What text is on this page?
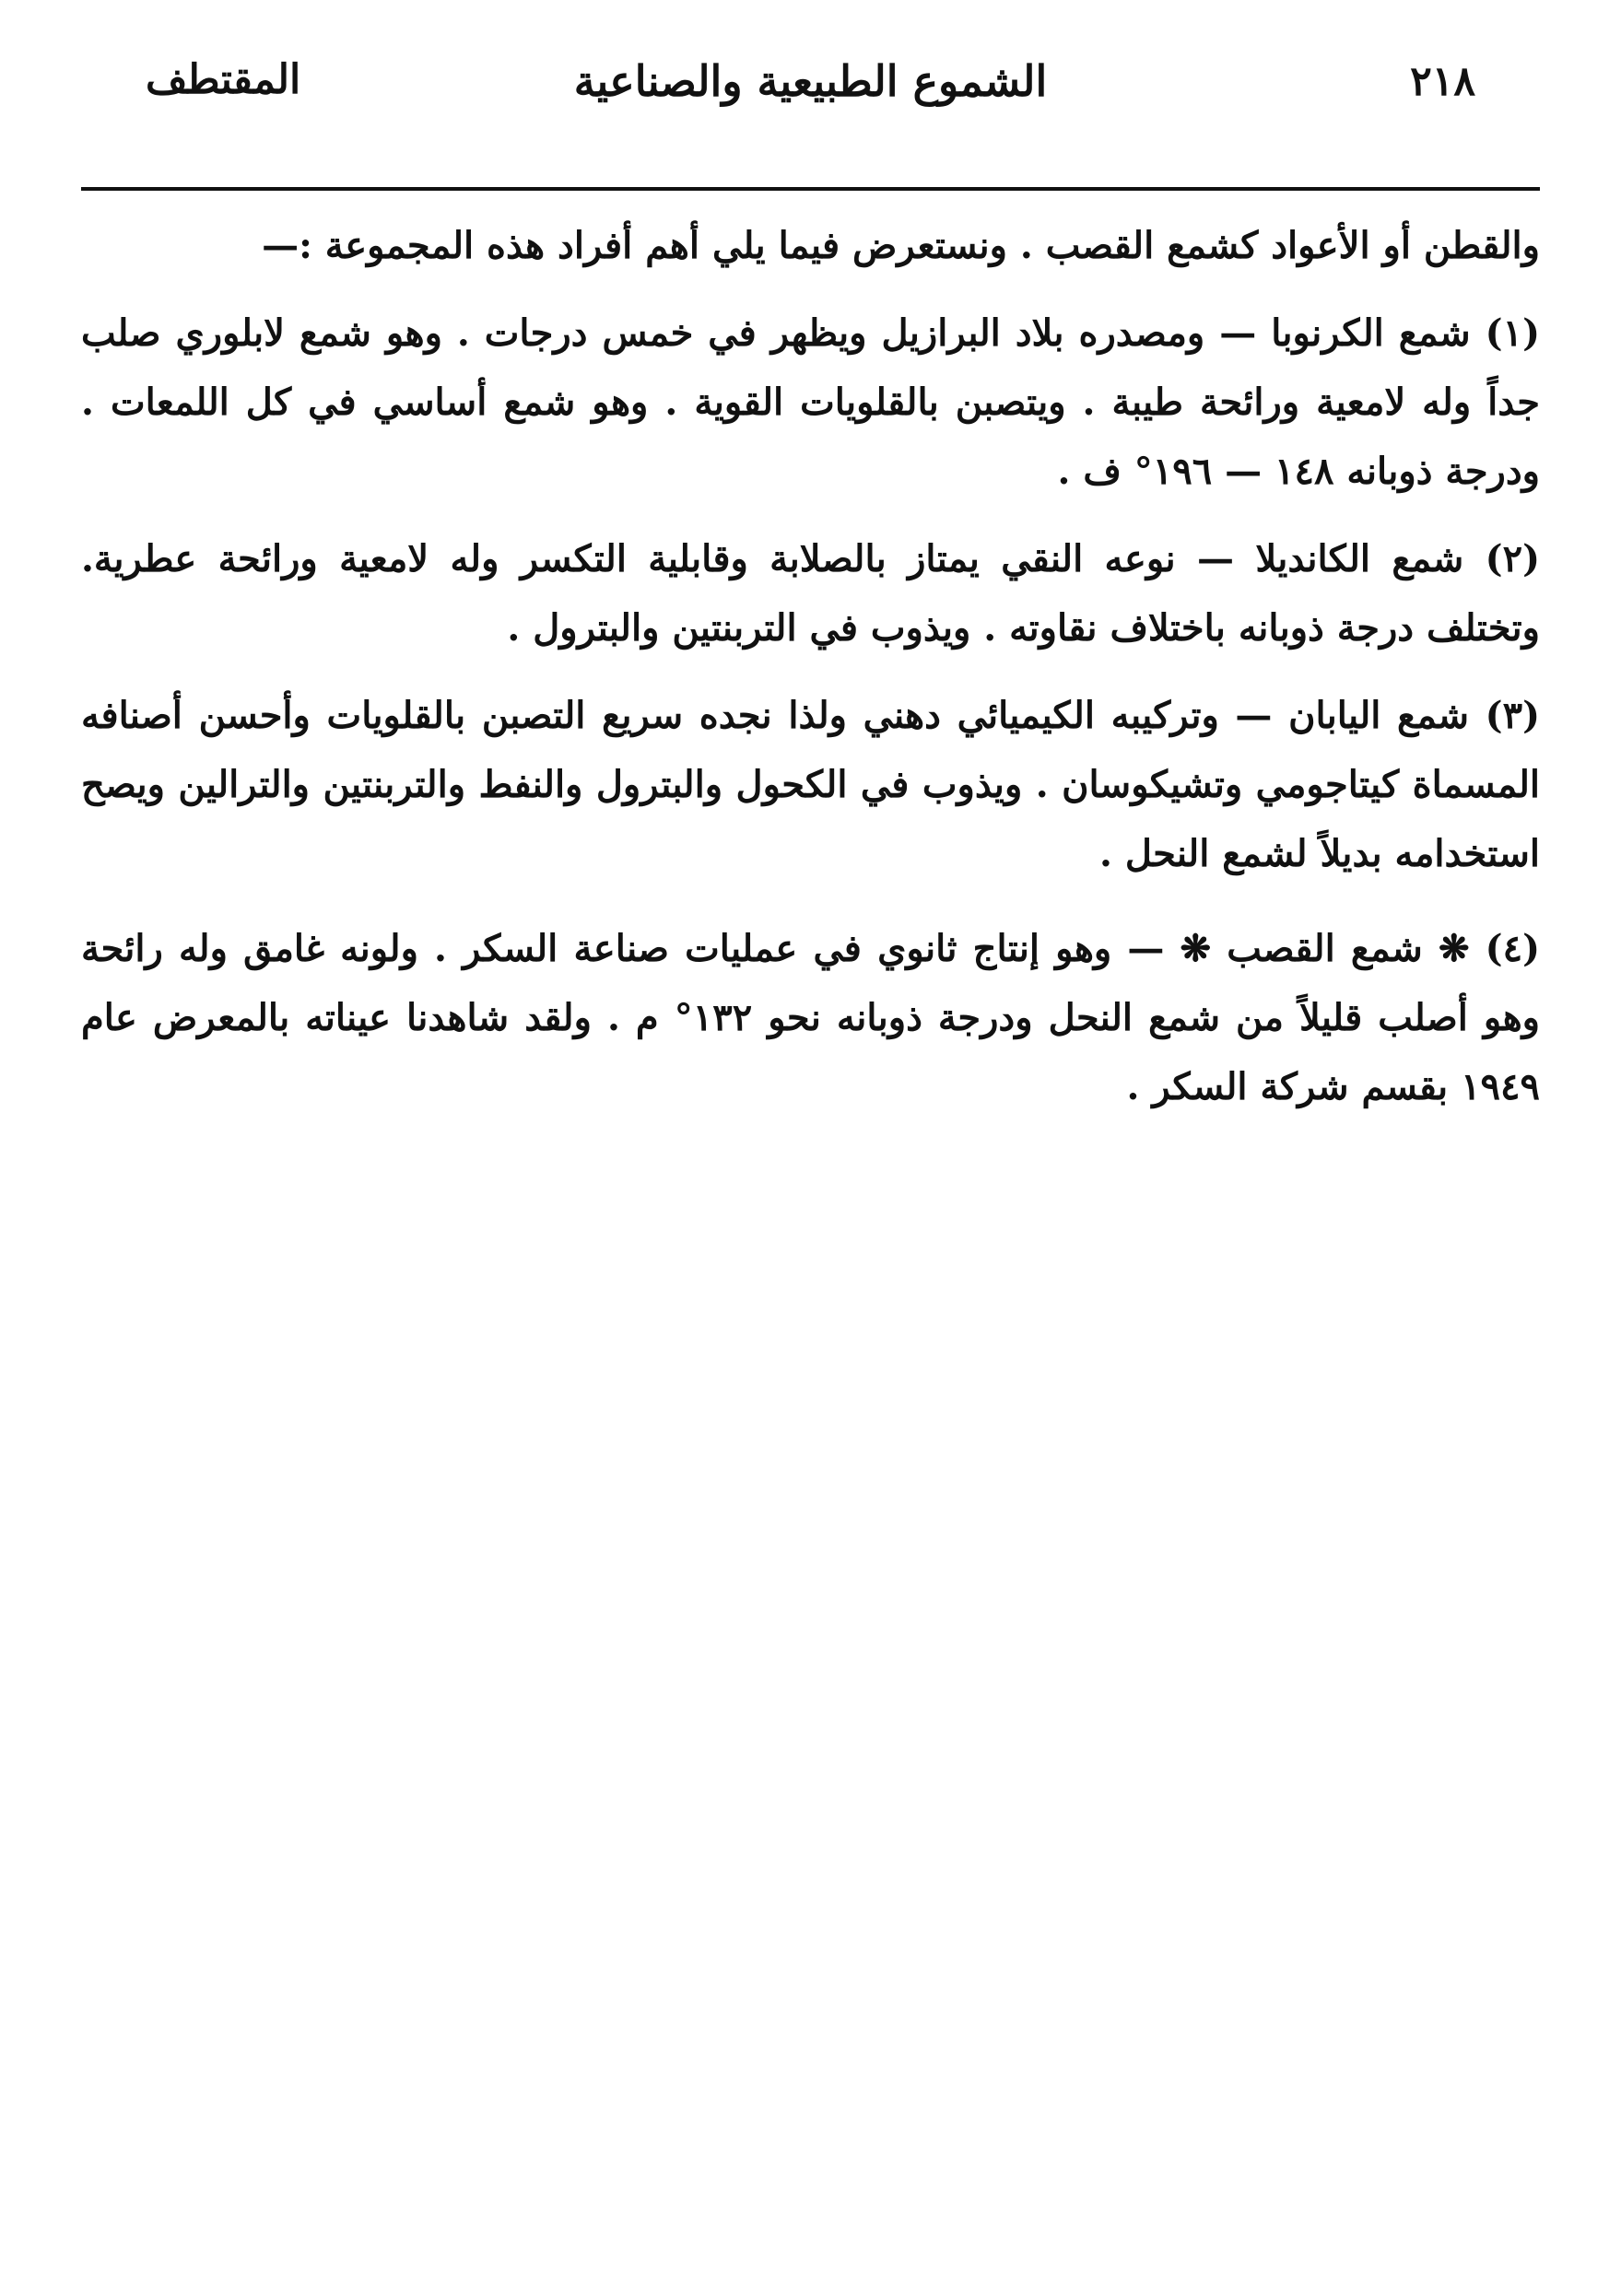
٢١٨
الشموع الطبيعية والصناعية
المقتطف

والقطن أو الأعواد كشمع القصب . ونستعرض فيما يلي أهم أفراد هذه المجموعة :—

(١) شمع الكرنوبا — ومصدره بلاد البرازيل ويظهر في خمس درجات . وهو شمع لابلوري صلب جداً وله لامعية ورائحة طيبة . ويتصبن بالقلويات القوية . وهو شمع أساسي في كل اللمعات . ودرجة ذوبانه ١٤٨ — ١٩٦° ف .

(٢) شمع الكانديلا — نوعه النقي يمتاز بالصلابة وقابلية التكسر وله لامعية ورائحة عطرية. وتختلف درجة ذوبانه باختلاف نقاوته . ويذوب في التربنتين والبترول .

(٣) شمع اليابان — وتركيبه الكيميائي دهني ولذا نجده سريع التصبن بالقلويات وأحسن أصنافه المسماة كيتاجومي وتشيكوسان . ويذوب في الكحول والبترول والنفط والتربنتين والترالين ويصح استخدامه بديلاً لشمع النحل .

(٤) ❋ شمع القصب ❋ — وهو إنتاج ثانوي في عمليات صناعة السكر . ولونه غامق وله رائحة وهو أصلب قليلاً من شمع النحل ودرجة ذوبانه نحو ١٣٢° م . ولقد شاهدنا عيناته بالمعرض عام ١٩٤٩ بقسم شركة السكر .
